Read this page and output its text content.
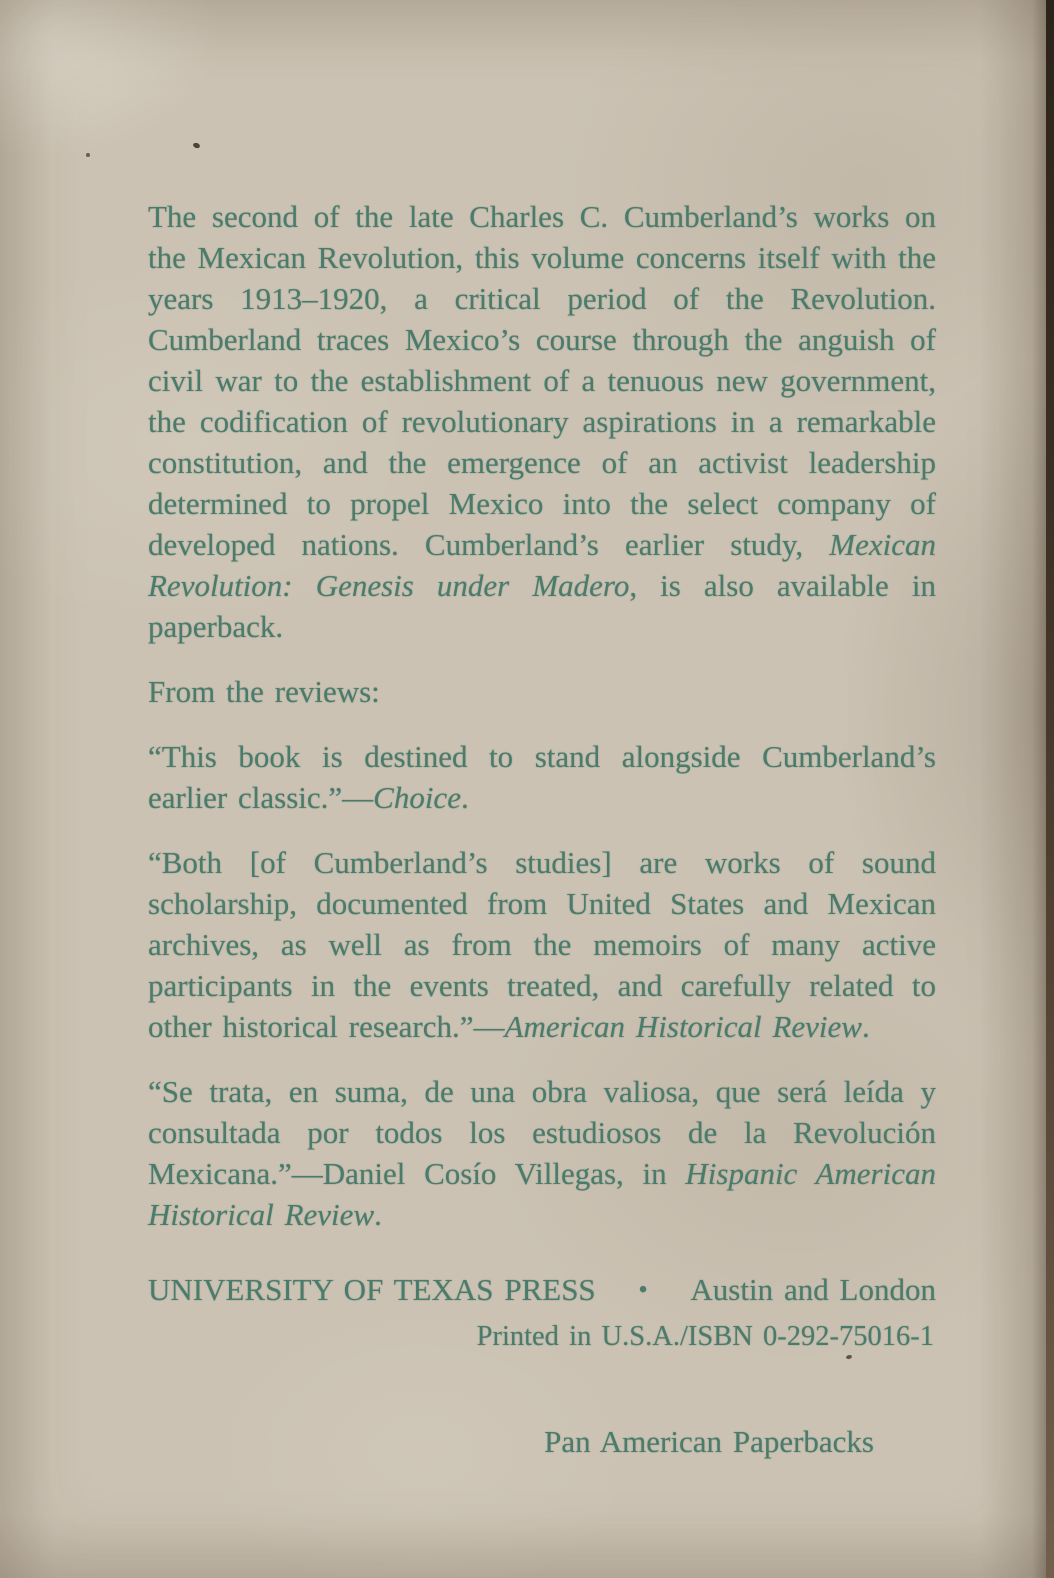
The second of the late Charles C. Cumberland’s works on the Mexican Revolution, this volume concerns itself with the years 1913–1920, a critical period of the Revolution. Cumberland traces Mexico’s course through the anguish of civil war to the establishment of a tenuous new government, the codification of revolutionary aspirations in a remarkable constitution, and the emergence of an activist leadership determined to propel Mexico into the select company of developed nations. Cumberland’s earlier study, Mexican Revolution: Genesis under Madero, is also available in paperback.

From the reviews:

“This book is destined to stand alongside Cumberland’s earlier classic.”—Choice.

“Both [of Cumberland’s studies] are works of sound scholarship, documented from United States and Mexican archives, as well as from the memoirs of many active participants in the events treated, and carefully related to other historical research.”—American Historical Review.

“Se trata, en suma, de una obra valiosa, que será leída y consultada por todos los estudiosos de la Revolución Mexicana.”—Daniel Cosío Villegas, in Hispanic American Historical Review.

UNIVERSITY OF TEXAS PRESS • Austin and London
Printed in U.S.A./ISBN 0-292-75016-1
Pan American Paperbacks
